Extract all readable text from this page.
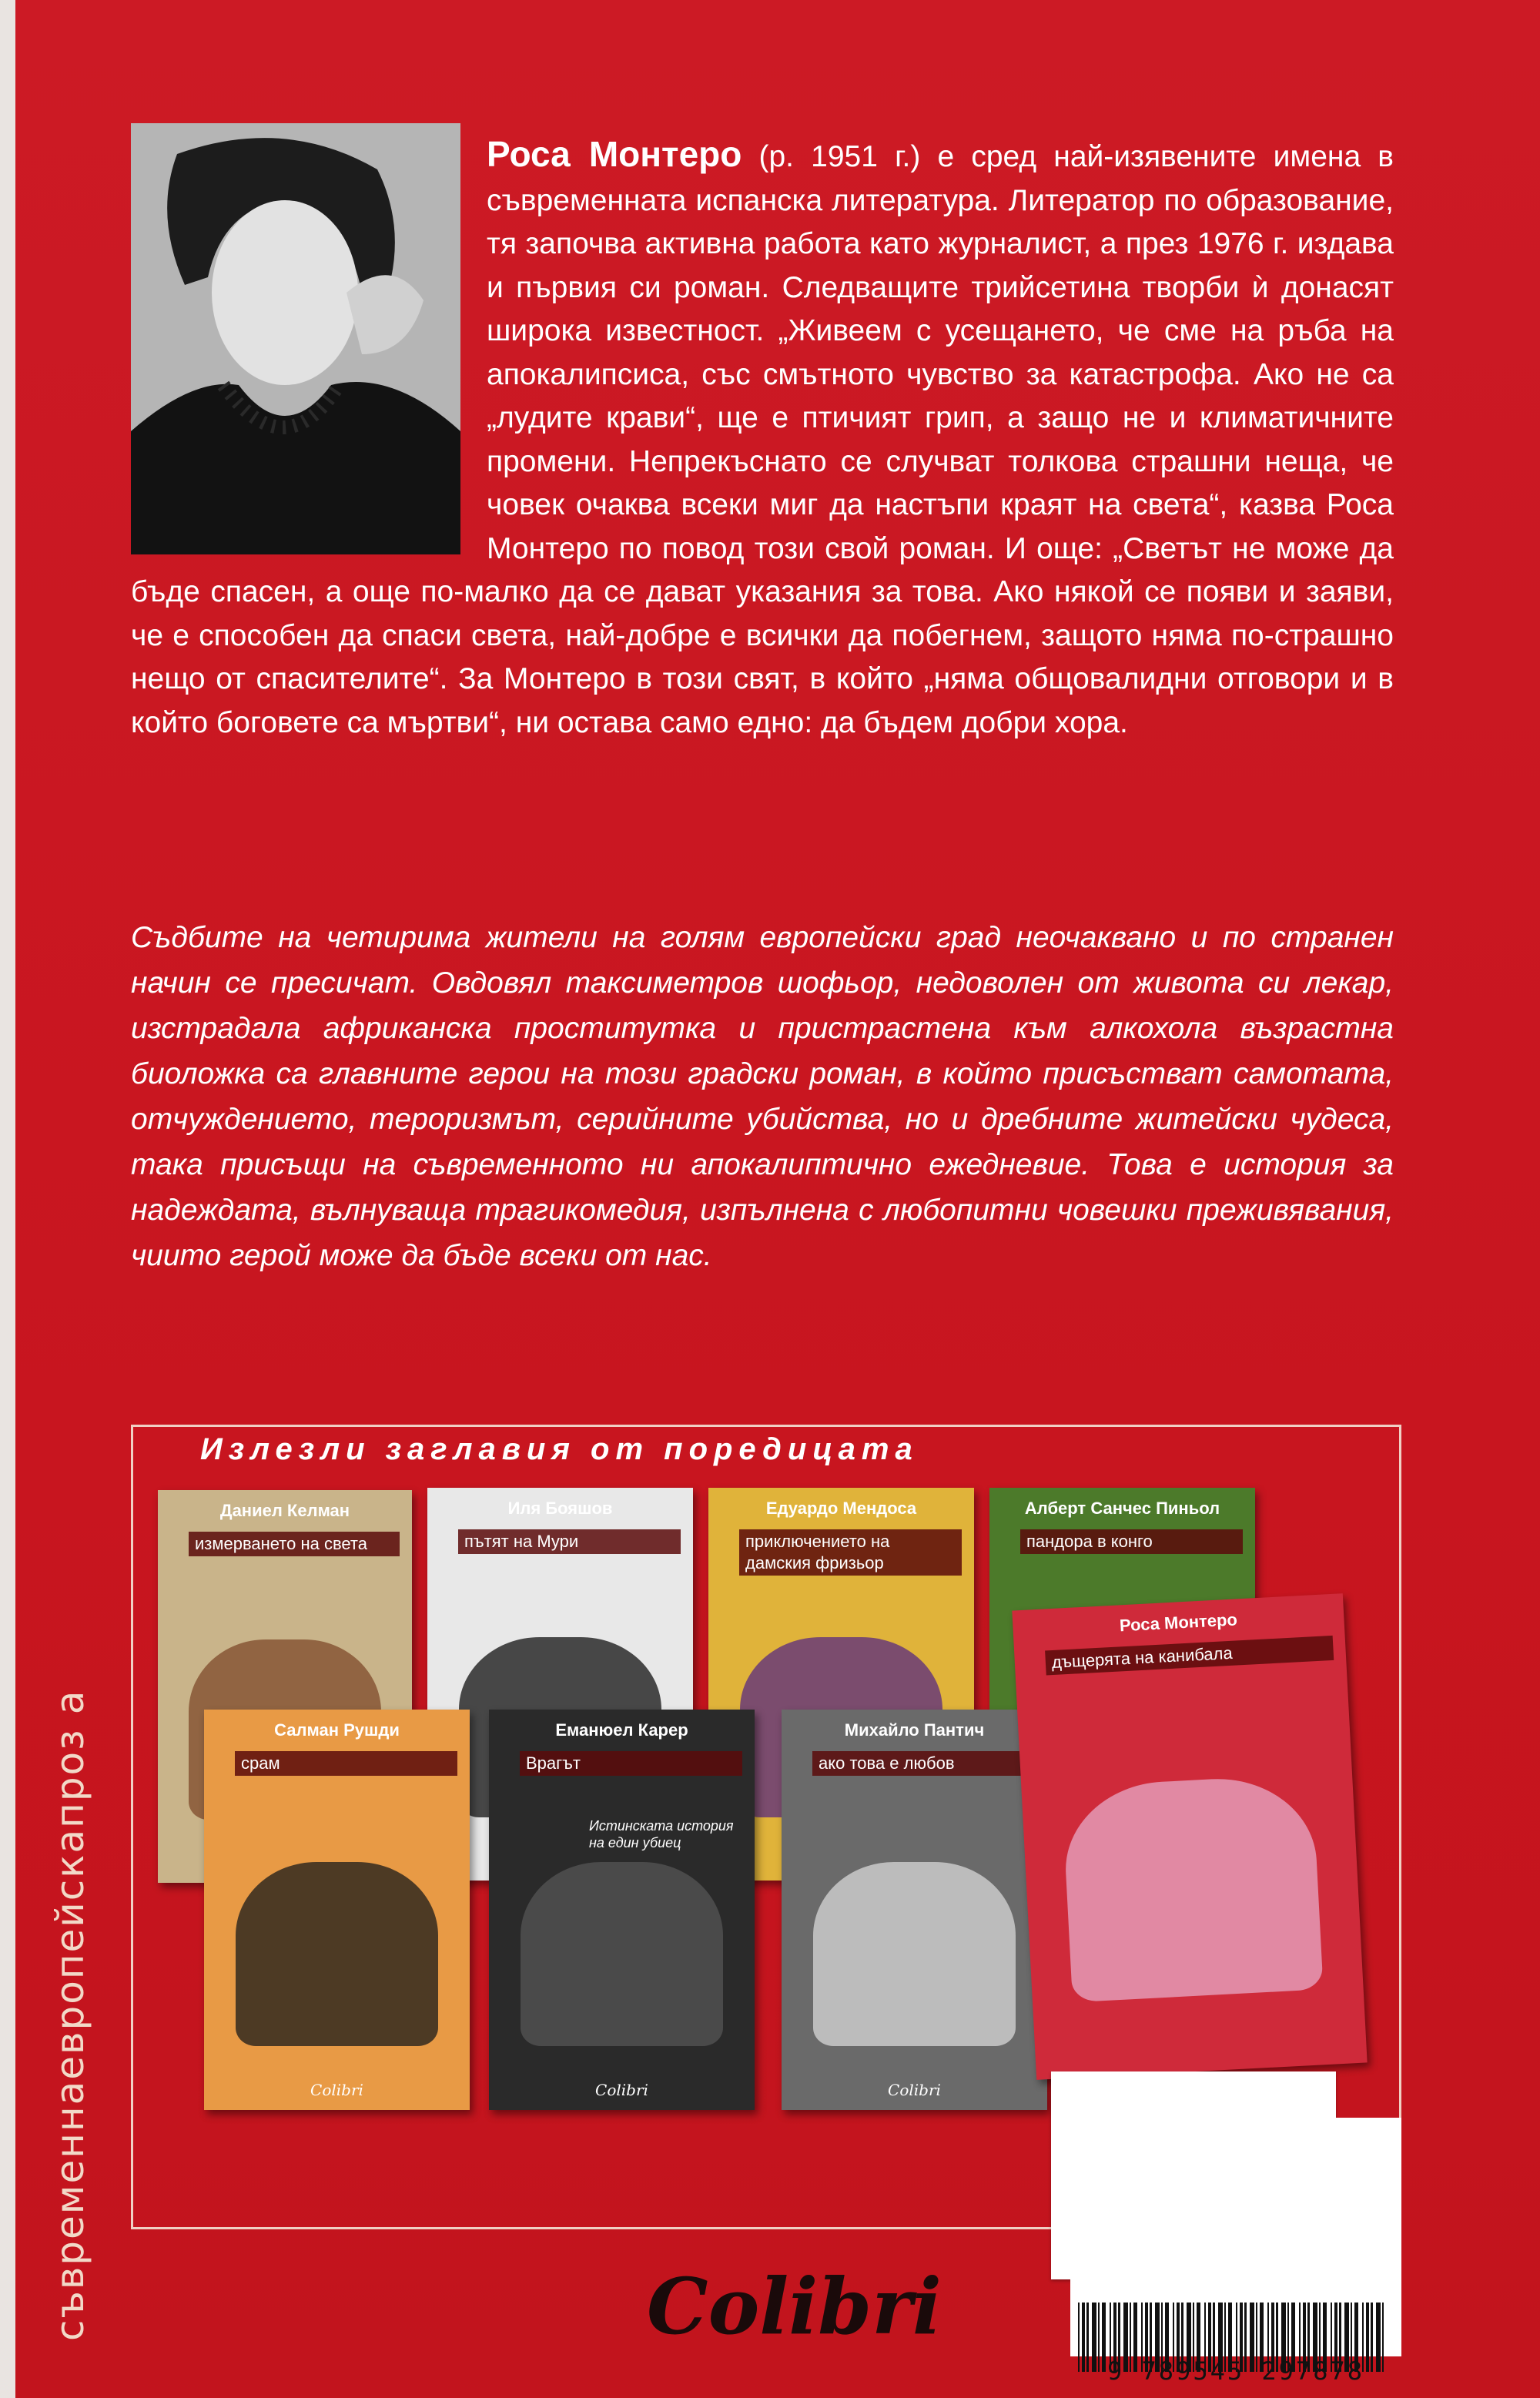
съвременнаевропейскапроза
Роса Монтеро (р. 1951 г.) е сред най-изявените имена в съвременната испанска литература. Литератор по образование, тя започва активна работа като журналист, а през 1976 г. издава и първия си роман. Следващите трийсетина творби ѝ донасят широка известност. „Живеем с усещането, че сме на ръба на апокалипсиса, със смътното чувство за катастрофа. Ако не са „лудите крави“, ще е птичият грип, а защо не и климатичните промени. Непрекъснато се случват толкова страшни неща, че човек очаква всеки миг да настъпи краят на света“, казва Роса Монтеро по повод този свой роман. И още: „Светът не може да бъде спасен, а още по-малко да се дават указания за това. Ако някой се появи и заяви, че е способен да спаси света, най-добре е всички да побегнем, защото няма по-страшно нещо от спасителите“. За Монтеро в този свят, в който „няма общовалидни отговори и в който боговете са мъртви“, ни остава само едно: да бъдем добри хора.
Съдбите на четирима жители на голям европейски град неочаквано и по странен начин се пресичат. Овдовял таксиметров шофьор, недоволен от живота си лекар, изстрадала африканска проститутка и пристрастена към алкохола възрастна биоложка са главните герои на този градски роман, в който присъстват самотата, отчуждението, тероризмът, серийните убийства, но и дребните житейски чудеса, така присъщи на съвременното ни апокалиптично ежедневие. Това е история за надеждата, вълнуваща трагикомедия, изпълнена с любопитни човешки преживявания, чиито герой може да бъде всеки от нас.
Излезли заглавия от поредицата
Даниел Келман
измерването на света
Иля Бояшов
пътят на Мури
Едуардо Мендоса
приключението на дамския фризьор
Алберт Санчес Пиньол
пандора в конго
Салман Рушди
срам
Colibri
Еманюел Карер
Врагът
Истинската история на един убиец
Colibri
Михайло Пантич
ако това е любов
Colibri
Роса Монтеро
дъщерята на канибала
9 789545 297878
Colibri
